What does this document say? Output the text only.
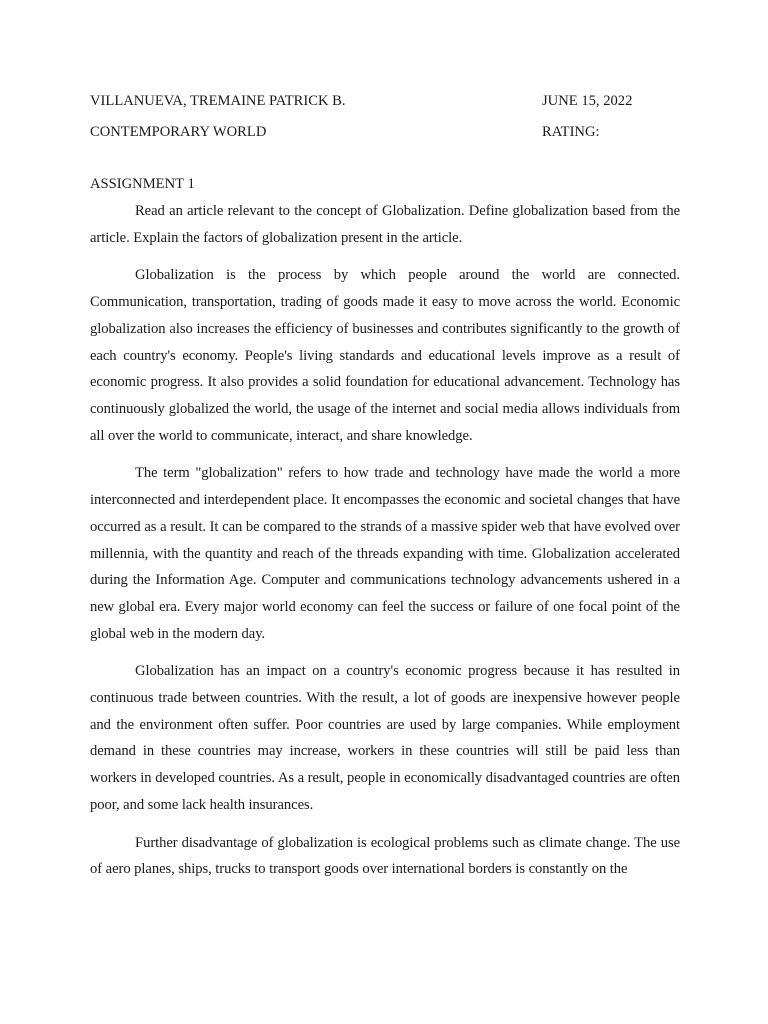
VILLANUEVA, TREMAINE PATRICK B.	JUNE 15, 2022
CONTEMPORARY WORLD	RATING:
ASSIGNMENT 1

Read an article relevant to the concept of Globalization. Define globalization based from the article. Explain the factors of globalization present in the article.

Globalization is the process by which people around the world are connected. Communication, transportation, trading of goods made it easy to move across the world. Economic globalization also increases the efficiency of businesses and contributes significantly to the growth of each country's economy. People's living standards and educational levels improve as a result of economic progress. It also provides a solid foundation for educational advancement. Technology has continuously globalized the world, the usage of the internet and social media allows individuals from all over the world to communicate, interact, and share knowledge.

The term "globalization" refers to how trade and technology have made the world a more interconnected and interdependent place. It encompasses the economic and societal changes that have occurred as a result. It can be compared to the strands of a massive spider web that have evolved over millennia, with the quantity and reach of the threads expanding with time. Globalization accelerated during the Information Age. Computer and communications technology advancements ushered in a new global era. Every major world economy can feel the success or failure of one focal point of the global web in the modern day.

Globalization has an impact on a country's economic progress because it has resulted in continuous trade between countries. With the result, a lot of goods are inexpensive however people and the environment often suffer. Poor countries are used by large companies. While employment demand in these countries may increase, workers in these countries will still be paid less than workers in developed countries. As a result, people in economically disadvantaged countries are often poor, and some lack health insurances.

Further disadvantage of globalization is ecological problems such as climate change. The use of aero planes, ships, trucks to transport goods over international borders is constantly on the
